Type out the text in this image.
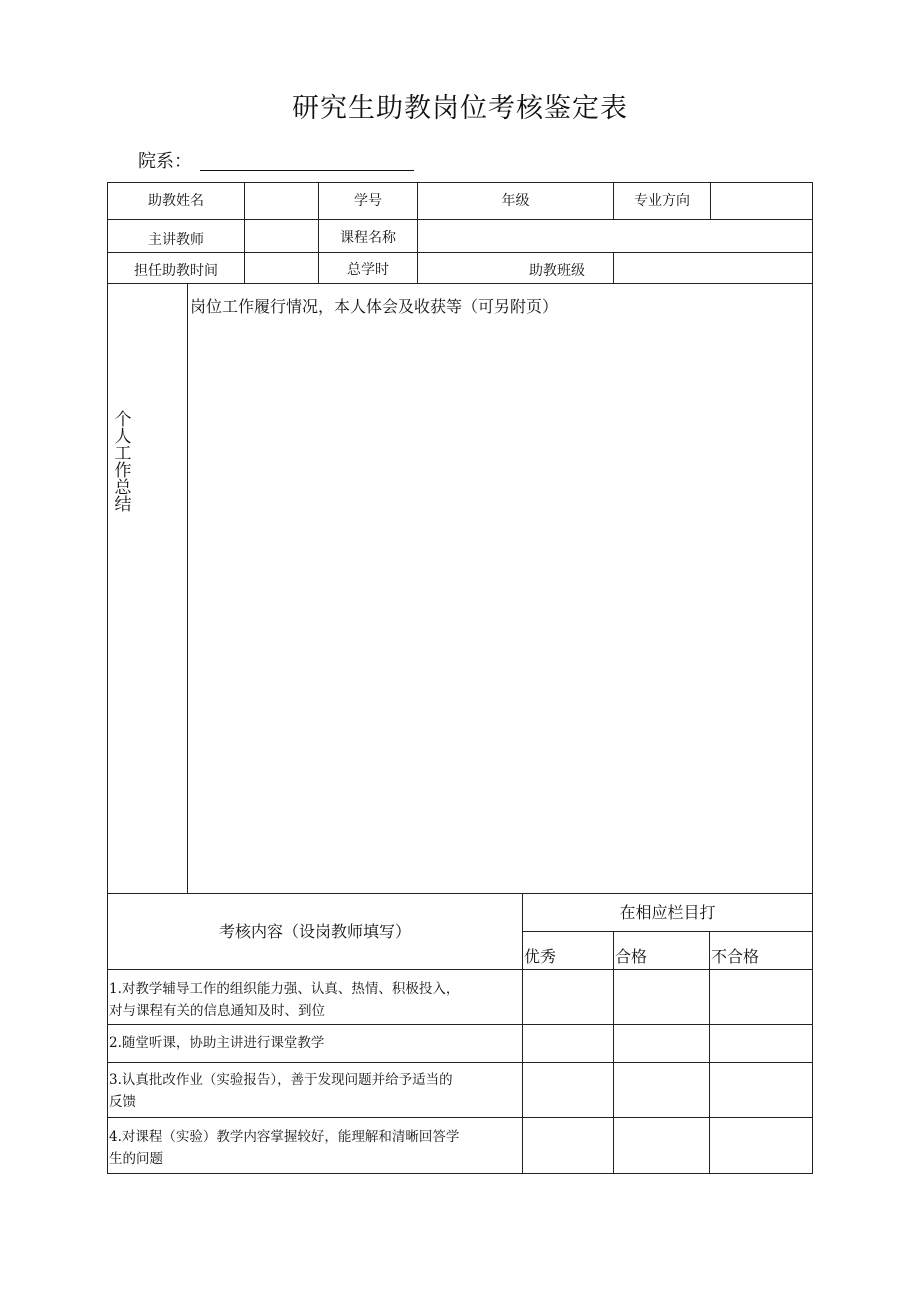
研究生助教岗位考核鉴定表
院系：
助教姓名	学号	年级	专业方向
主讲教师	课程名称
担任助教时间	总学时	助教班级
个
人
工
作
总
结
岗位工作履行情况，本人体会及收获等（可另附页）
考核内容（设岗教师填写）
在相应栏目打
优秀	合格	不合格
1.对教学辅导工作的组织能力强、认真、热情、积极投入，
对与课程有关的信息通知及时、到位
2.随堂听课，协助主讲进行课堂教学
3.认真批改作业（实验报告），善于发现问题并给予适当的
反馈
4.对课程（实验）教学内容掌握较好，能理解和清晰回答学
生的问题
